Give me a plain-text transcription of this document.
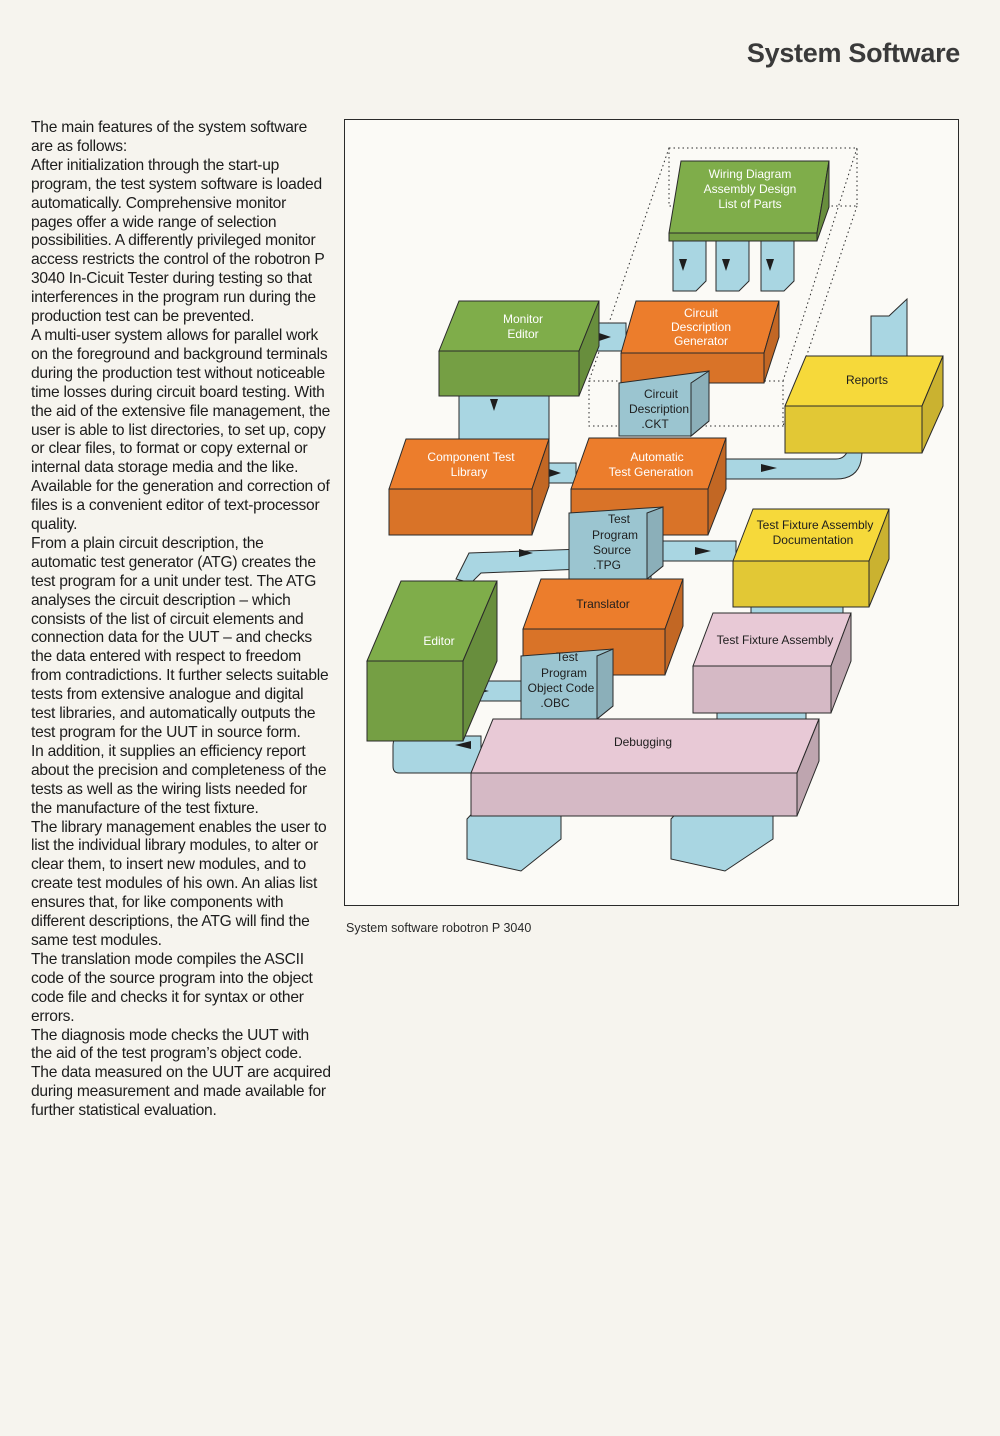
System Software

The main features of the system software are as follows:

After initialization through the start-up program, the test system software is loaded automatically. Comprehensive monitor pages offer a wide range of selection possibilities. A differently privileged monitor access restricts the control of the robotron P 3040 In-Cicuit Tester during testing so that interferences in the program run during the production test can be prevented.

A multi-user system allows for parallel work on the foreground and background terminals during the production test without noticeable time losses during circuit board testing. With the aid of the extensive file management, the user is able to list directories, to set up, copy or clear files, to format or copy external or internal data storage media and the like.

Available for the generation and correction of files is a convenient editor of text-processor quality.

From a plain circuit description, the automatic test generator (ATG) creates the test program for a unit under test. The ATG analyses the circuit description – which consists of the list of circuit elements and connection data for the UUT – and checks the data entered with respect to freedom from contradictions. It further selects suitable tests from extensive analogue and digital test libraries, and automatically outputs the test program for the UUT in source form.

In addition, it supplies an efficiency report about the precision and completeness of the tests as well as the wiring lists needed for the manufacture of the test fixture.

The library management enables the user to list the individual library modules, to alter or clear them, to insert new modules, and to create test modules of his own. An alias list ensures that, for like components with different descriptions, the ATG will find the same test modules.

The translation mode compiles the ASCII code of the source program into the object code file and checks it for syntax or other errors.

The diagnosis mode checks the UUT with the aid of the test program’s object code.

The data measured on the UUT are acquired during measurement and made available for further statistical evaluation.

Wiring Diagram
Assembly Design
List of Parts
Monitor
Editor
Circuit
Description
Generator
Reports
Circuit
Description
.CKT
Component Test
Library
Automatic
Test Generation
Test
Program
Source
.TPG
Test Fixture Assembly
Documentation
Translator
Editor	Test Fixture Assembly
Test
Program
Object Code
.OBC
Debugging
System software robotron P 3040
